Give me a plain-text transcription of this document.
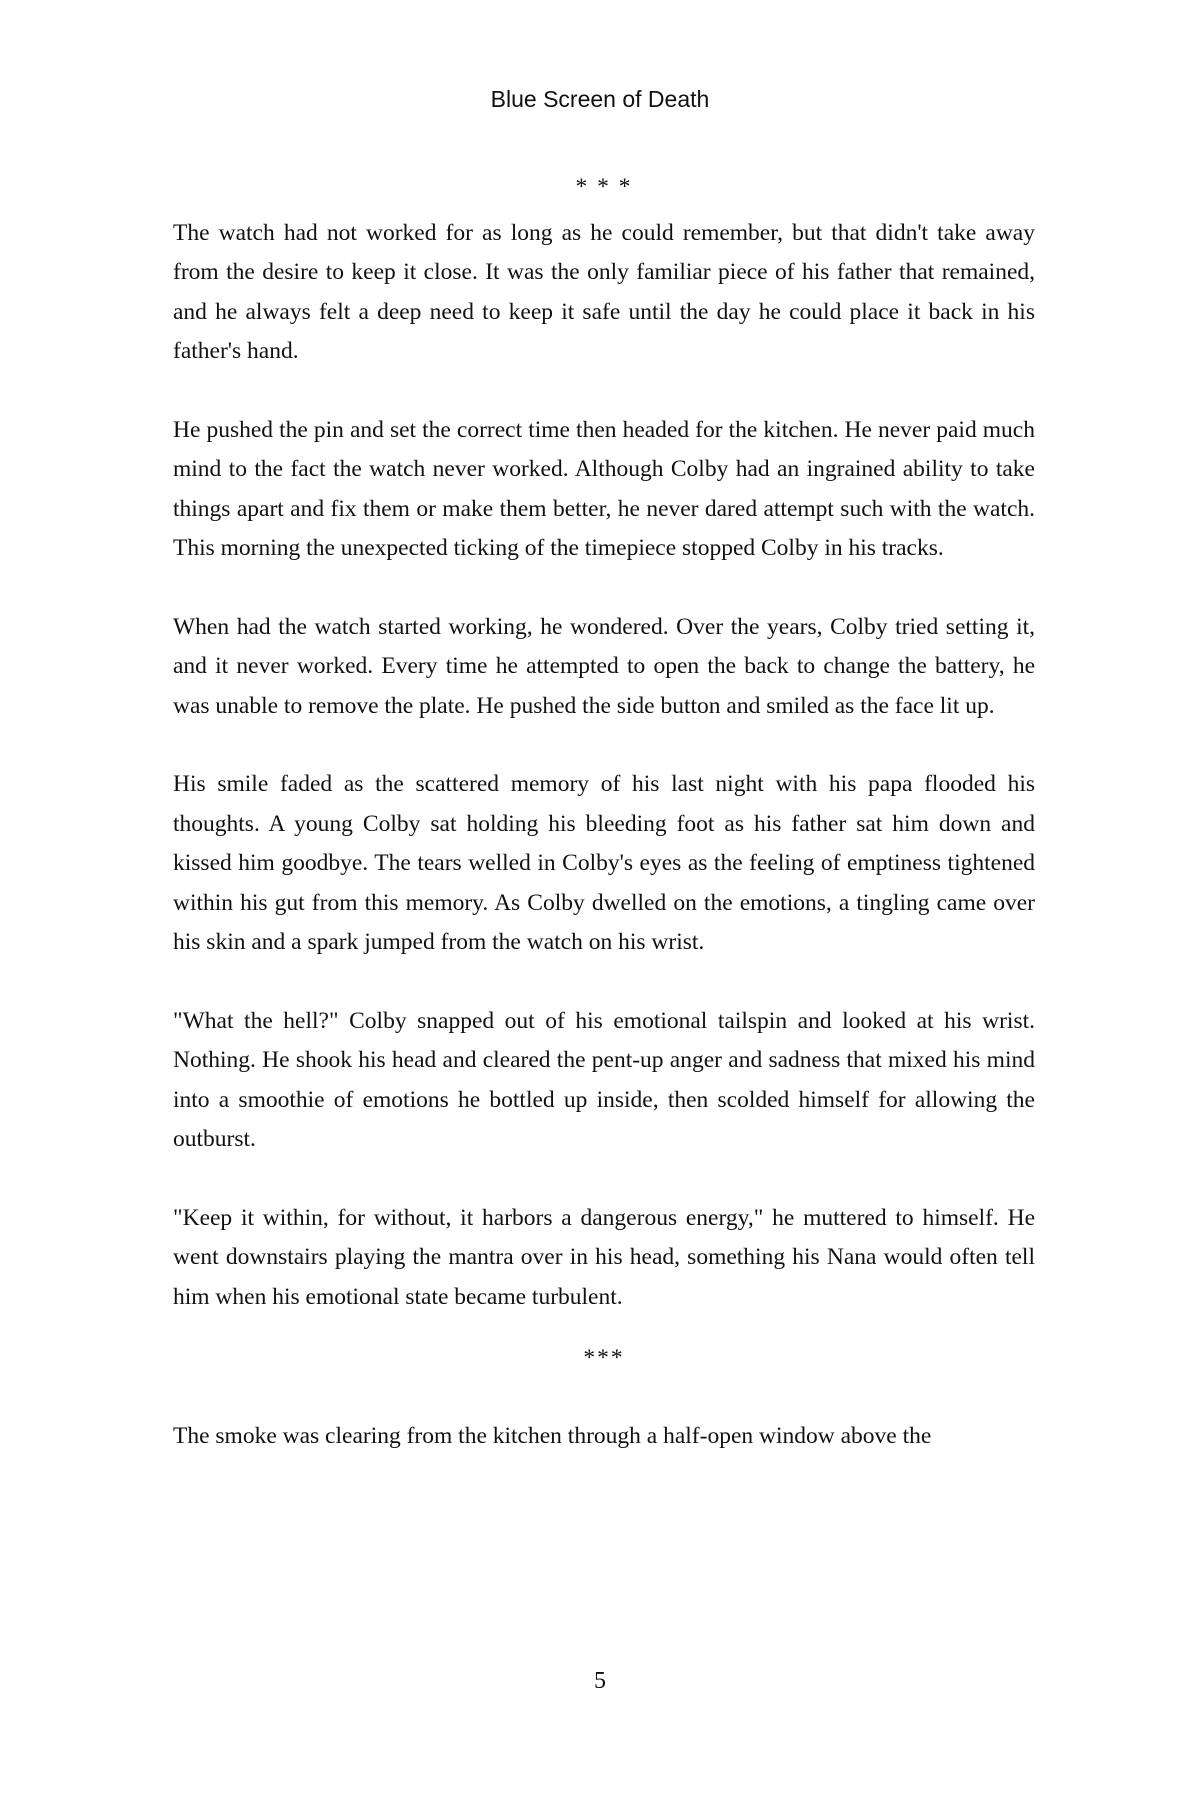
Blue Screen of Death

* * *

The watch had not worked for as long as he could remember, but that didn't take away from the desire to keep it close. It was the only familiar piece of his father that remained, and he always felt a deep need to keep it safe until the day he could place it back in his father's hand.

He pushed the pin and set the correct time then headed for the kitchen. He never paid much mind to the fact the watch never worked. Although Colby had an ingrained ability to take things apart and fix them or make them better, he never dared attempt such with the watch. This morning the unexpected ticking of the timepiece stopped Colby in his tracks.

When had the watch started working, he wondered. Over the years, Colby tried setting it, and it never worked. Every time he attempted to open the back to change the battery, he was unable to remove the plate. He pushed the side button and smiled as the face lit up.

His smile faded as the scattered memory of his last night with his papa flooded his thoughts. A young Colby sat holding his bleeding foot as his father sat him down and kissed him goodbye. The tears welled in Colby's eyes as the feeling of emptiness tightened within his gut from this memory. As Colby dwelled on the emotions, a tingling came over his skin and a spark jumped from the watch on his wrist.

"What the hell?" Colby snapped out of his emotional tailspin and looked at his wrist. Nothing. He shook his head and cleared the pent-up anger and sadness that mixed his mind into a smoothie of emotions he bottled up inside, then scolded himself for allowing the outburst.

"Keep it within, for without, it harbors a dangerous energy," he muttered to himself. He went downstairs playing the mantra over in his head, something his Nana would often tell him when his emotional state became turbulent.

***

The smoke was clearing from the kitchen through a half-open window above the

5
